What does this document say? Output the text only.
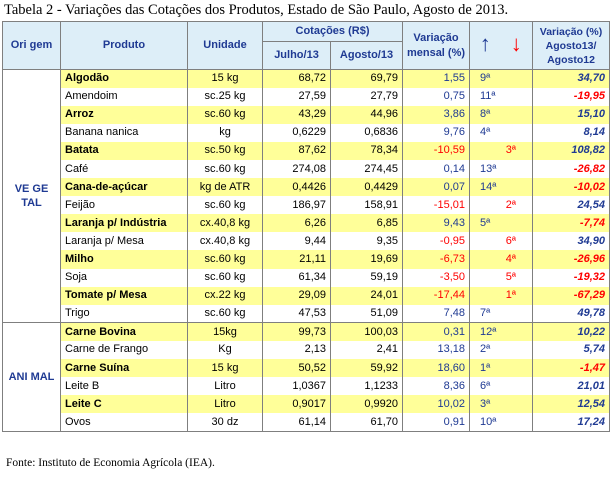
Tabela 2 - Variações das Cotações dos Produtos, Estado de São Paulo, Agosto de 2013.
Ori gem	Produto	Unidade	Cotações (R$)		Variação mensal (%)	↑	↓	Variação (%) Agosto13/ Agosto12
			Julho/13	Agosto/13				
VE GE TAL	Algodão	15 kg	68,72	69,79	1,55	9ª		34,70
	Amendoim	sc.25 kg	27,59	27,79	0,75	11ª		-19,95
	Arroz	sc.60 kg	43,29	44,96	3,86	8ª		15,10
	Banana nanica	kg	0,6229	0,6836	9,76	4ª		8,14
	Batata	sc.50 kg	87,62	78,34	-10,59		3ª	108,82
	Café	sc.60 kg	274,08	274,45	0,14	13ª		-26,82
	Cana-de-açúcar	kg de ATR	0,4426	0,4429	0,07	14ª		-10,02
	Feijão	sc.60 kg	186,97	158,91	-15,01		2ª	24,54
	Laranja p/ Indústria	cx.40,8 kg	6,26	6,85	9,43	5ª		-7,74
	Laranja p/ Mesa	cx.40,8 kg	9,44	9,35	-0,95		6ª	34,90
	Milho	sc.60 kg	21,11	19,69	-6,73		4ª	-26,96
	Soja	sc.60 kg	61,34	59,19	-3,50		5ª	-19,32
	Tomate p/ Mesa	cx.22 kg	29,09	24,01	-17,44		1ª	-67,29
	Trigo	sc.60 kg	47,53	51,09	7,48	7ª		49,78
ANI MAL	Carne Bovina	15kg	99,73	100,03	0,31	12ª		10,22
	Carne de Frango	Kg	2,13	2,41	13,18	2ª		5,74
	Carne Suína	15 kg	50,52	59,92	18,60	1ª		-1,47
	Leite B	Litro	1,0367	1,1233	8,36	6ª		21,01
	Leite C	Litro	0,9017	0,9920	10,02	3ª		12,54
	Ovos	30 dz	61,14	61,70	0,91	10ª		17,24
Fonte: Instituto de Economia Agrícola (IEA).
